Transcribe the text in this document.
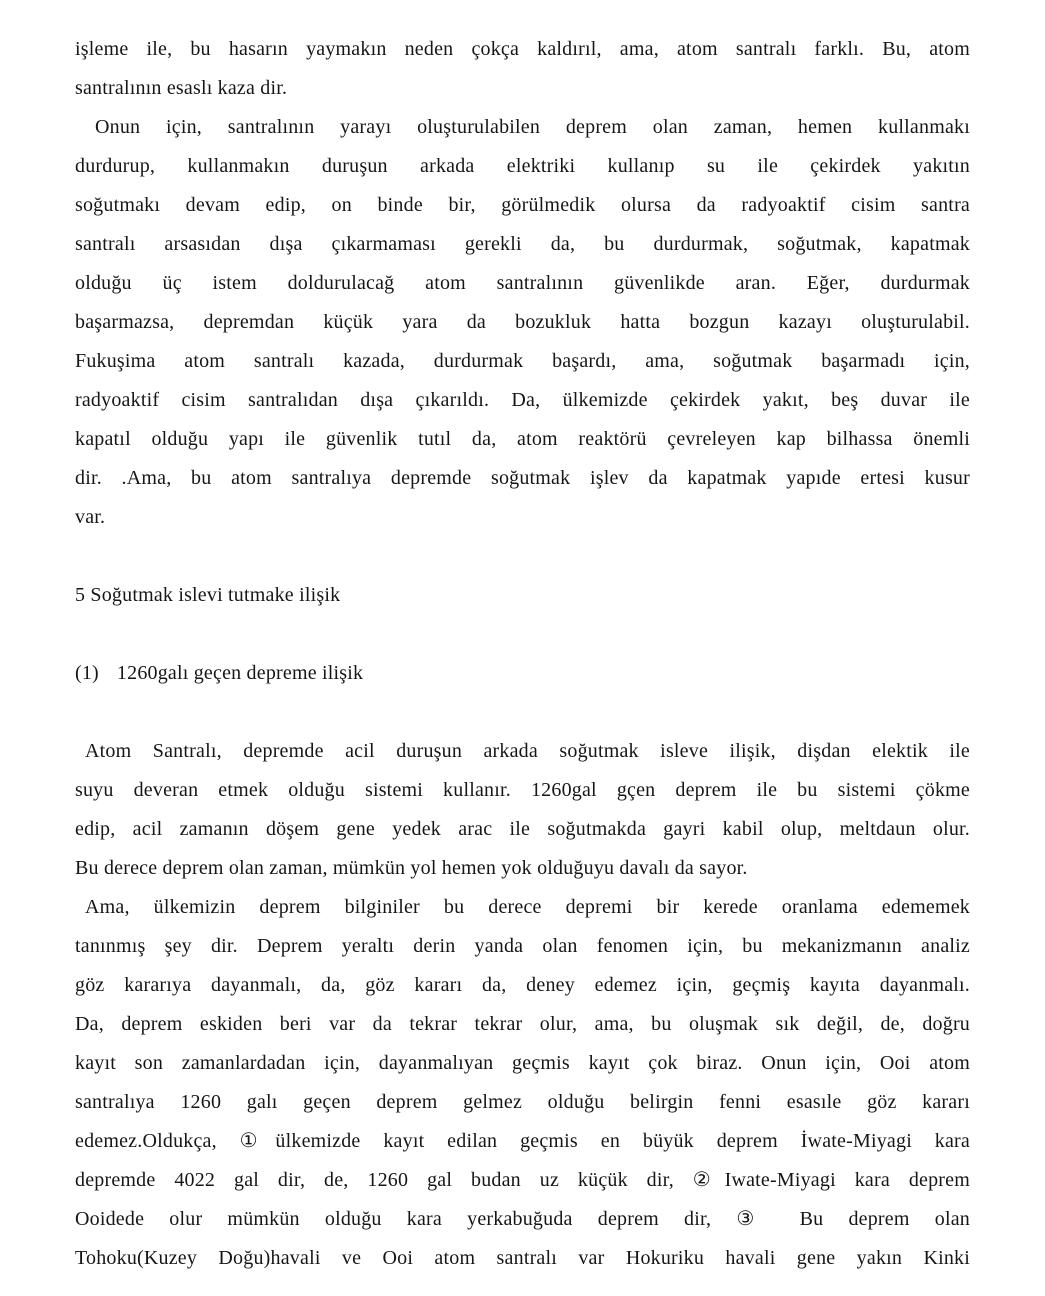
işleme ile, bu hasarın yaymakın neden çokça kaldırıl, ama, atom santralı farklı. Bu, atom

santralının esaslı kaza dir.

Onun için, santralının yarayı oluşturulabilen deprem olan zaman, hemen kullanmakı

durdurup, kullanmakın duruşun arkada elektriki kullanıp su ile çekirdek yakıtın

soğutmakı devam edip, on binde bir, görülmedik olursa da radyoaktif cisim santra

santralı arsasıdan dışa çıkarmaması gerekli da, bu durdurmak, soğutmak, kapatmak

olduğu üç istem doldurulacağ atom santralının güvenlikde aran. Eğer, durdurmak

başarmazsa, depremdan küçük yara da bozukluk hatta bozgun kazayı oluşturulabil.

Fukuşima atom santralı kazada, durdurmak başardı, ama, soğutmak başarmadı için,

radyoaktif cisim santralıdan dışa çıkarıldı. Da, ülkemizde çekirdek yakıt, beş duvar ile

kapatıl olduğu yapı ile güvenlik tutıl da, atom reaktörü çevreleyen kap bilhassa önemli

dir. .Ama, bu atom santralıya depremde soğutmak işlev da kapatmak yapıde ertesi kusur

var.

5 Soğutmak islevi tutmake ilişik

(1) 1260galı geçen depreme ilişik

Atom Santralı, depremde acil duruşun arkada soğutmak isleve ilişik, dişdan elektik ile

suyu deveran etmek olduğu sistemi kullanır. 1260gal gçen deprem ile bu sistemi çökme

edip, acil zamanın döşem gene yedek arac ile soğutmakda gayri kabil olup, meltdaun olur.

Bu derece deprem olan zaman, mümkün yol hemen yok olduğuyu davalı da sayor.

Ama, ülkemizin deprem bilginiler bu derece depremi bir kerede oranlama edememek

tanınmış şey dir. Deprem yeraltı derin yanda olan fenomen için, bu mekanizmanın analiz

göz kararıya dayanmalı, da, göz kararı da, deney edemez için, geçmiş kayıta dayanmalı.

Da, deprem eskiden beri var da tekrar tekrar olur, ama, bu oluşmak sık değil, de, doğru

kayıt son zamanlardadan için, dayanmalıyan geçmis kayıt çok biraz. Onun için, Ooi atom

santralıya 1260 galı geçen deprem gelmez olduğu belirgin fenni esasıle göz kararı

edemez.Oldukça, ①ülkemizde kayıt edilan geçmis en büyük deprem İwate-Miyagi kara

depremde 4022 gal dir, de, 1260 gal budan uz küçük dir, ②Iwate-Miyagi kara deprem

Ooidede olur mümkün olduğu kara yerkabuğuda deprem dir, ③ Bu deprem olan

Tohoku(Kuzey Doğu)havali ve Ooi atom santralı var Hokuriku havali gene yakın Kinki
